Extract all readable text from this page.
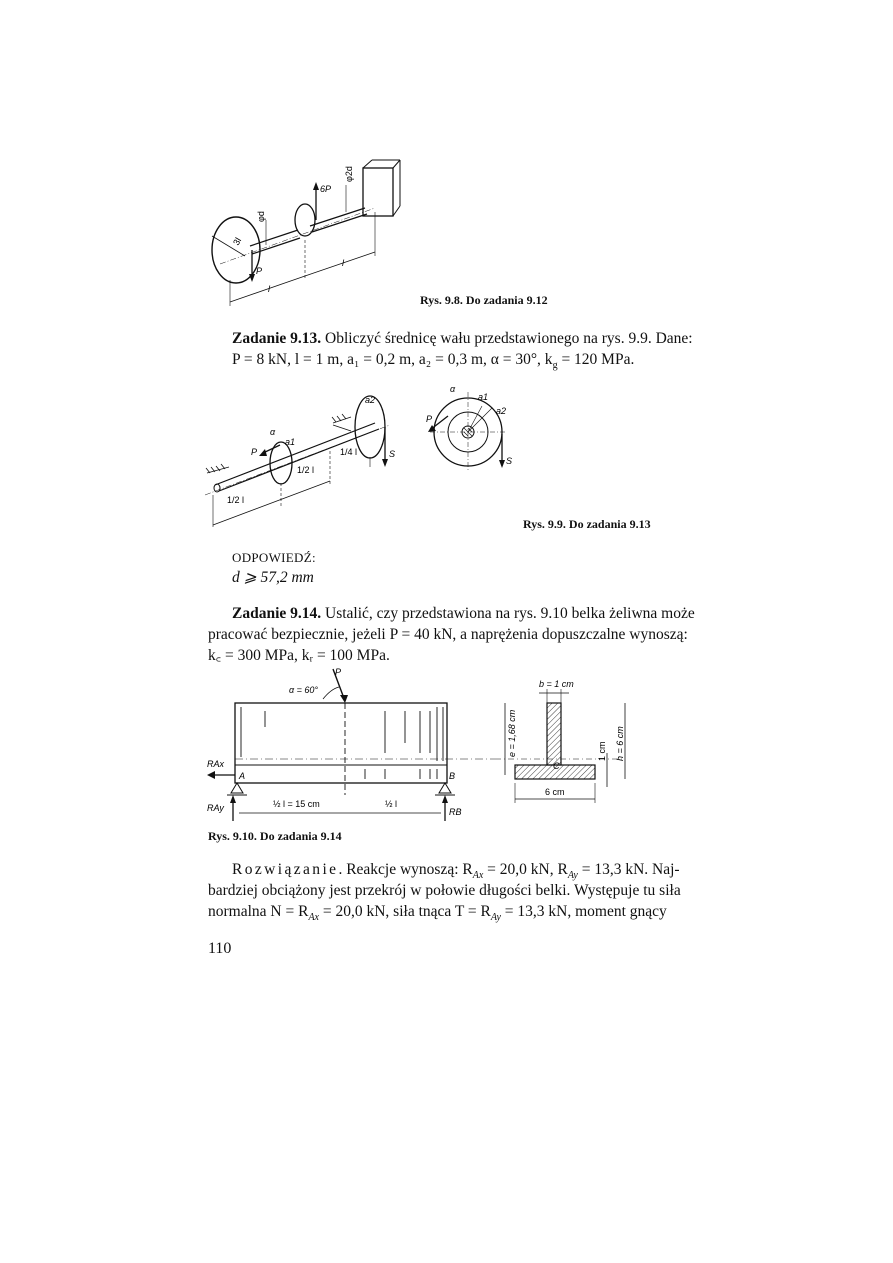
l
l
P
6P
φd
φ2d
3l
Rys. 9.8. Do zadania 9.12
Zadanie 9.13. Obliczyć średnicę wału przedstawionego na rys. 9.9. Dane:
P = 8 kN, l = 1 m, a₁ = 0,2 m, a₂ = 0,3 m, α = 30°, $k_g = 120$ MPa.
α
a1
P
a2
S
1/2 l
1/2 l
1/4 l
α
a1
a2
P
S
Rys. 9.9. Do zadania 9.13
ODPOWIEDŹ:
d ⩾ 57,2 mm
Zadanie 9.14. Ustalić, czy przedstawiona na rys. 9.10 belka żeliwna może
pracować bezpiecznie, jeżeli P = 40 kN, a naprężenia dopuszczalne wynoszą:
k꜀ = 300 MPa, kᵣ = 100 MPa.
P
α = 60°
RAx
RAy	RB
A	B
½ l = 15 cm	½ l
b = 1 cm
e = 1,68 cm	h = 6 cm
1 cm
6 cm
C
Rys. 9.10. Do zadania 9.14
Rozwiązanie. Reakcje wynoszą: $R_{Ax} = 20,0$ kN, $R_{Ay} = 13,3$ kN. Naj-
bardziej obciążony jest przekrój w połowie długości belki. Występuje tu siła
normalna $N = R_{Ax} = 20,0$ kN, siła tnąca $T = R_{Ay} = 13,3$ kN, moment gnący
110
